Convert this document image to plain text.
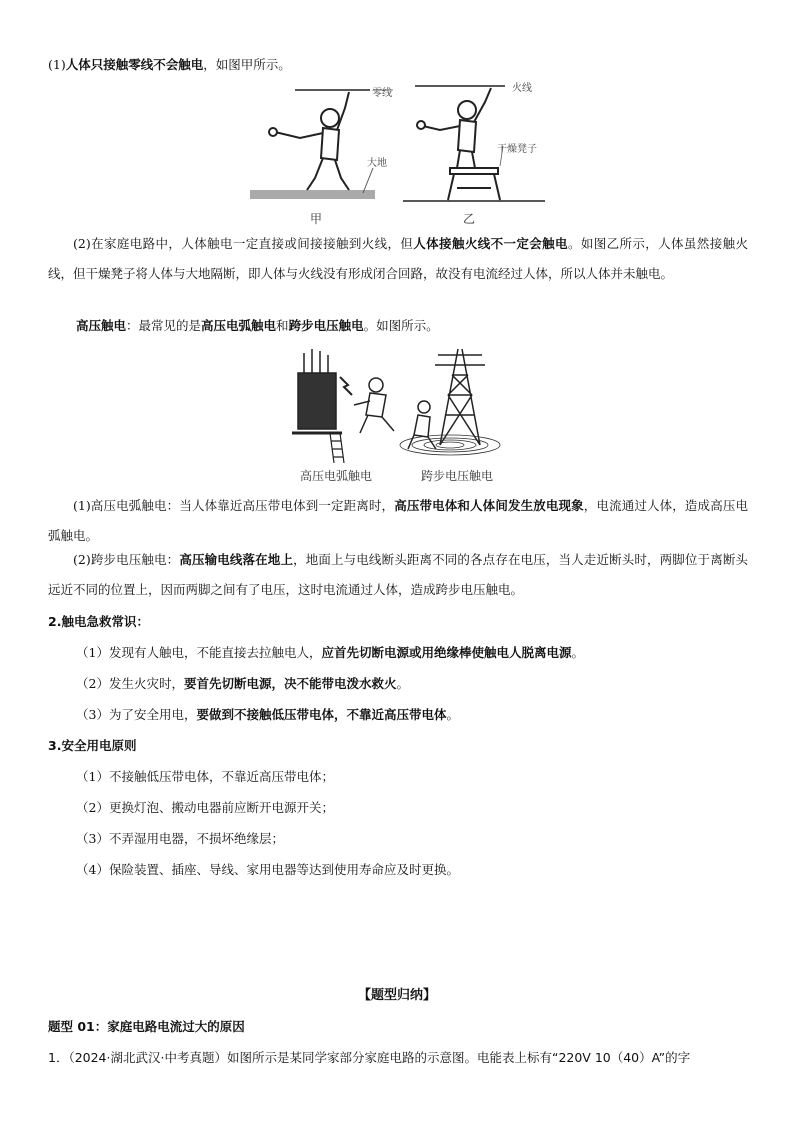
(1)人体只接触零线不会触电，如图甲所示。
零线
大地
甲
火线
干燥凳子
乙
(2)在家庭电路中，人体触电一定直接或间接接触到火线，但人体接触火线不一定会触电。如图乙所示，人体虽然接触火线，但干燥凳子将人体与大地隔断，即人体与火线没有形成闭合回路，故没有电流经过人体，所以人体并未触电。
高压触电：最常见的是高压电弧触电和跨步电压触电。如图所示。
高压电弧触电	跨步电压触电
(1)高压电弧触电：当人体靠近高压带电体到一定距离时，高压带电体和人体间发生放电现象，电流通过人体，造成高压电弧触电。
(2)跨步电压触电：高压输电线落在地上，地面上与电线断头距离不同的各点存在电压，当人走近断头时，两脚位于离断头远近不同的位置上，因而两脚之间有了电压，这时电流通过人体，造成跨步电压触电。
2.触电急救常识：
（1）发现有人触电，不能直接去拉触电人，应首先切断电源或用绝缘棒使触电人脱离电源。
（2）发生火灾时，要首先切断电源，决不能带电泼水救火。
（3）为了安全用电，要做到不接触低压带电体，不靠近高压带电体。
3.安全用电原则
（1）不接触低压带电体，不靠近高压带电体；
（2）更换灯泡、搬动电器前应断开电源开关；
（3）不弄湿用电器，不损坏绝缘层；
（4）保险装置、插座、导线、家用电器等达到使用寿命应及时更换。
【题型归纳】
题型 01：家庭电路电流过大的原因
1．（2024·湖北武汉·中考真题）如图所示是某同学家部分家庭电路的示意图。电能表上标有“220V 10（40）A”的字
